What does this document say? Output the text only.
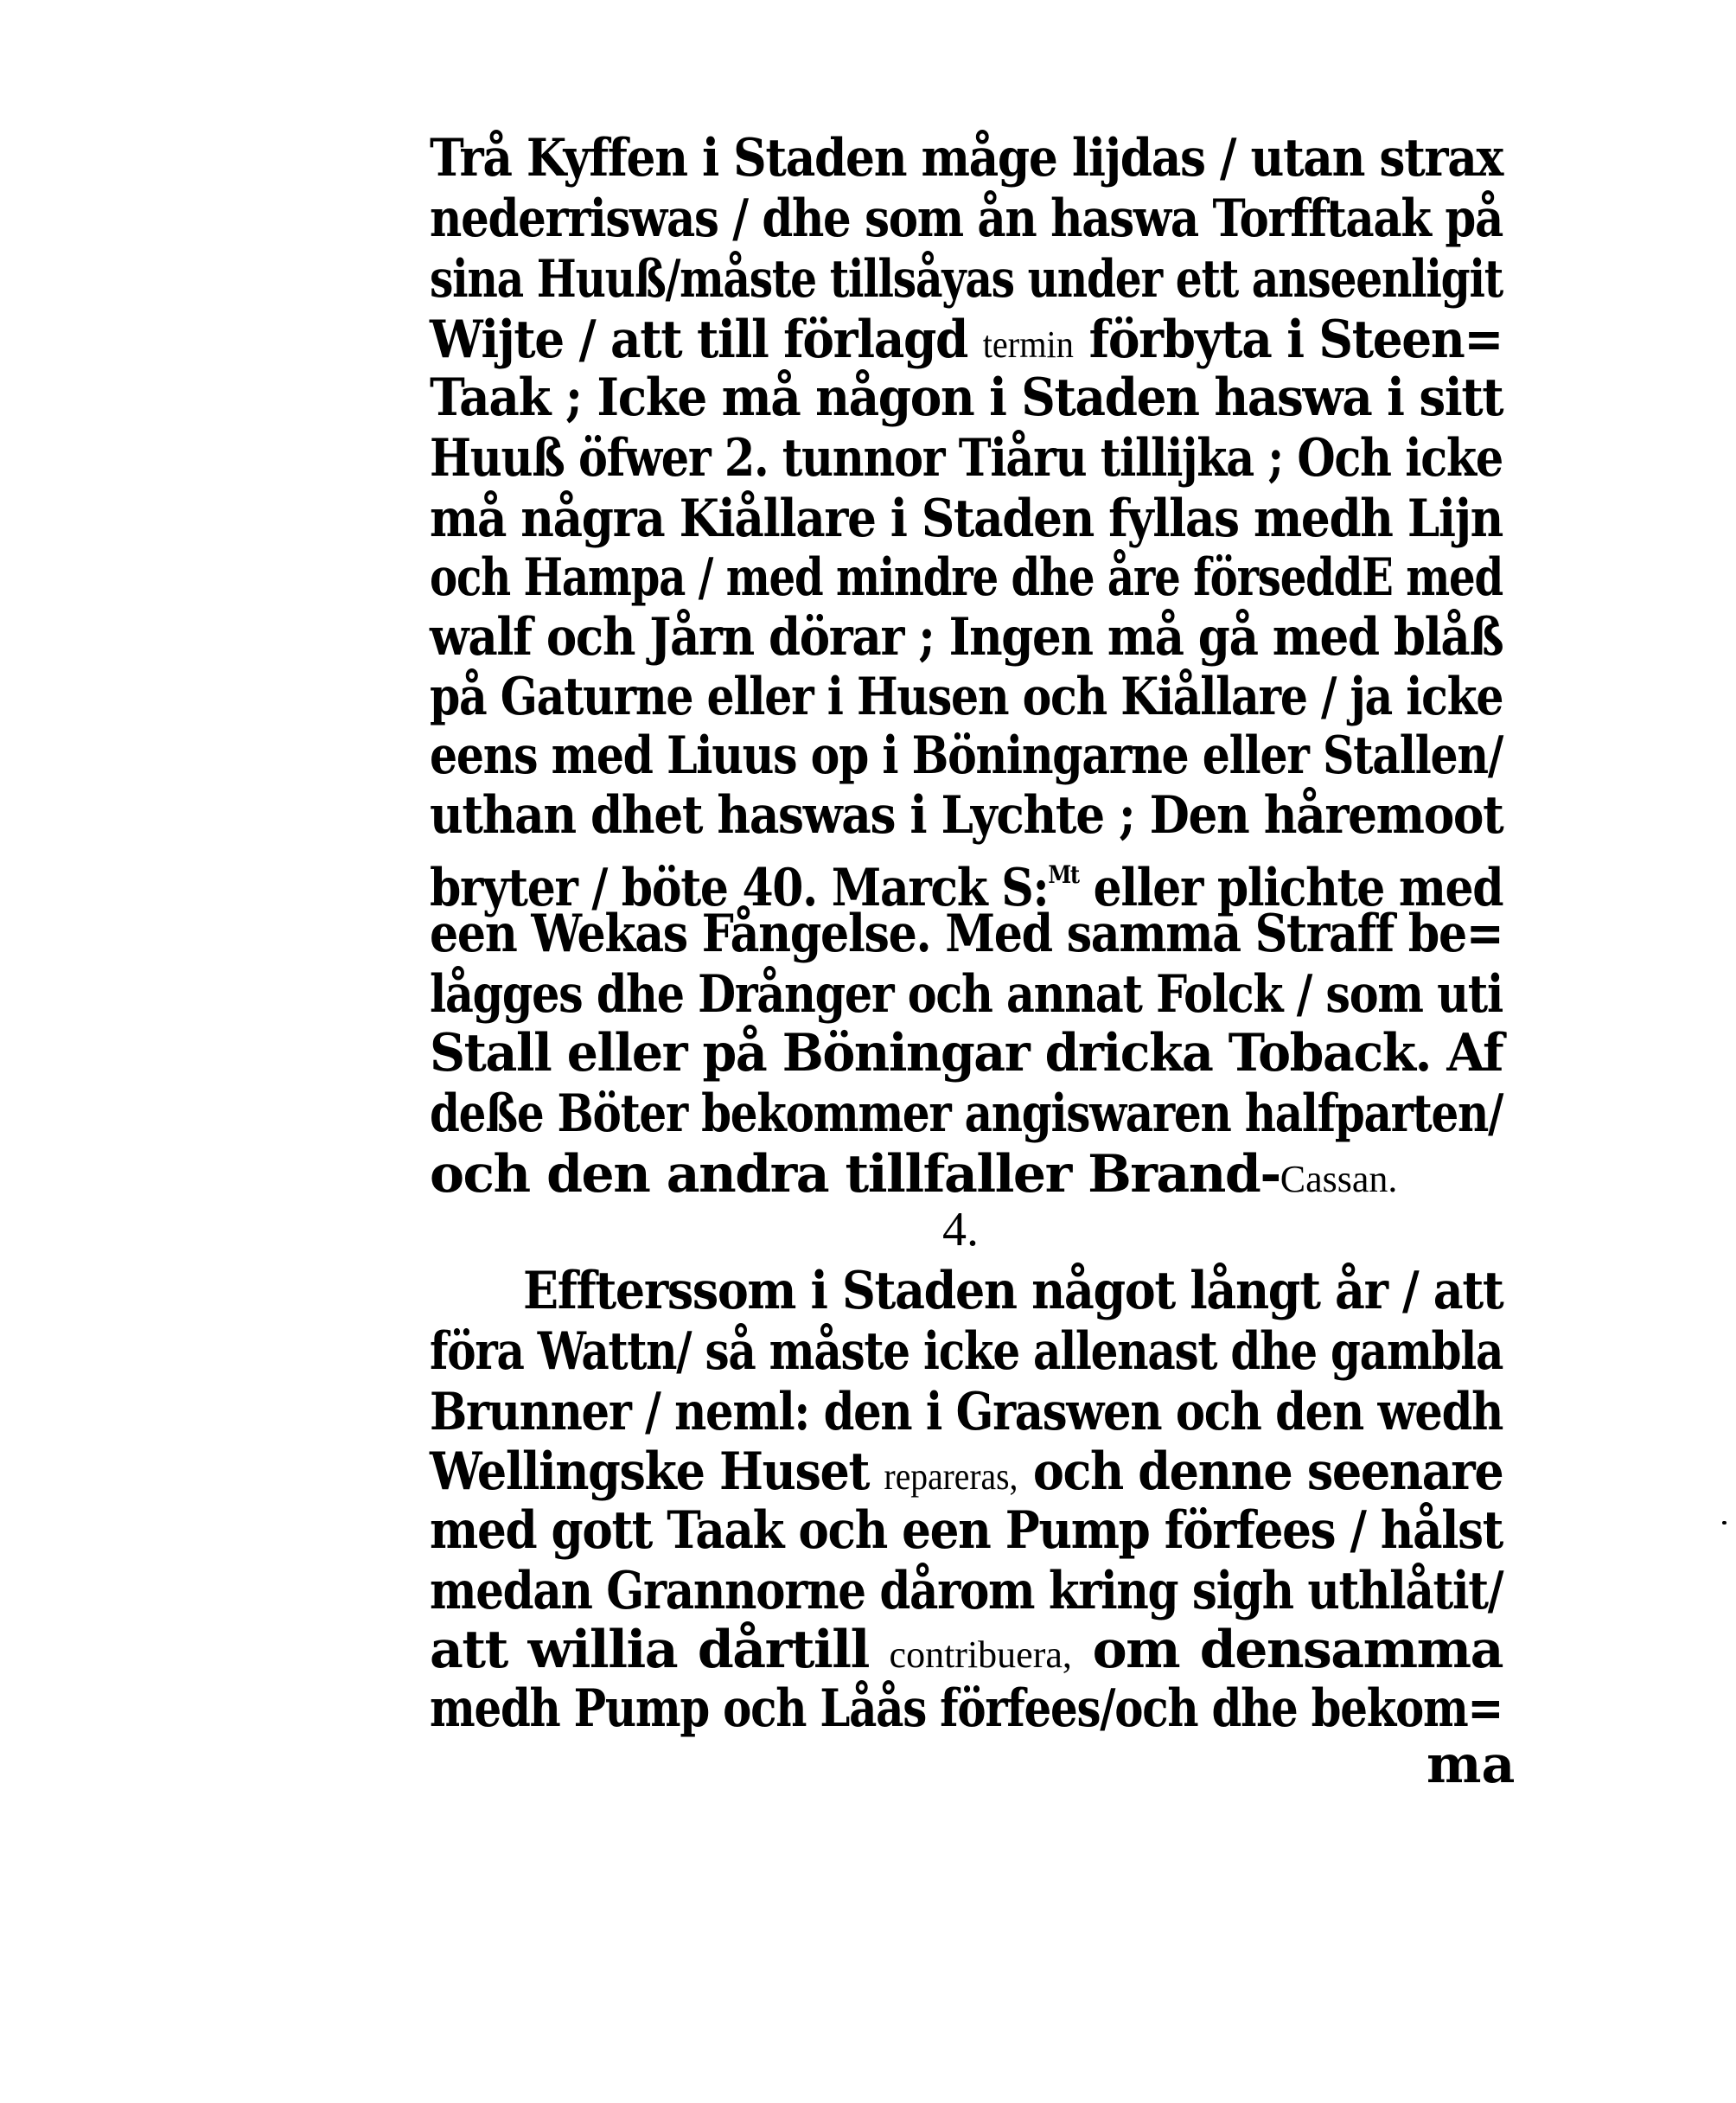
Trå Kyffen i Staden måge lijdas / utan strax
nederriswas / dhe som ån haswa Torfftaak på
sina Huuß/måste tillsåyas under ett anseenligit
Wijte / att till förlagd termin förbyta i Steen=
Taak ; Icke må någon i Staden haswa i sitt
Huuß öfwer 2. tunnor Tiåru tillijka ; Och icke
må några Kiållare i Staden fyllas medh Lijn
och Hampa / med mindre dhe åre förseddE med
walf och Jårn dörar ; Ingen må gå med blåß
på Gaturne eller i Husen och Kiållare / ja icke
eens med Liuus op i Böningarne eller Stallen/
uthan dhet haswas i Lychte ; Den håremoot
bryter / böte 40. Marck S:$^{Mt}$ eller plichte med
een Wekas Fångelse. Med samma Straff be=
lågges dhe Drånger och annat Folck / som uti
Stall eller på Böningar dricka Toback. Af
deße Böter bekommer angiswaren halfparten/
och den andra tillfaller Brand-Cassan.
4.
Effterssom i Staden något långt år / att
föra Wattn/ så måste icke allenast dhe gambla
Brunner / neml: den i Graswen och den wedh
Wellingske Huset repareras, och denne seenare
med gott Taak och een Pump förfees / hålst
medan Grannorne dårom kring sigh uthlåtit/
att willia dårtill contribuera, om densamma
medh Pump och Låås förfees/och dhe bekom=
ma
